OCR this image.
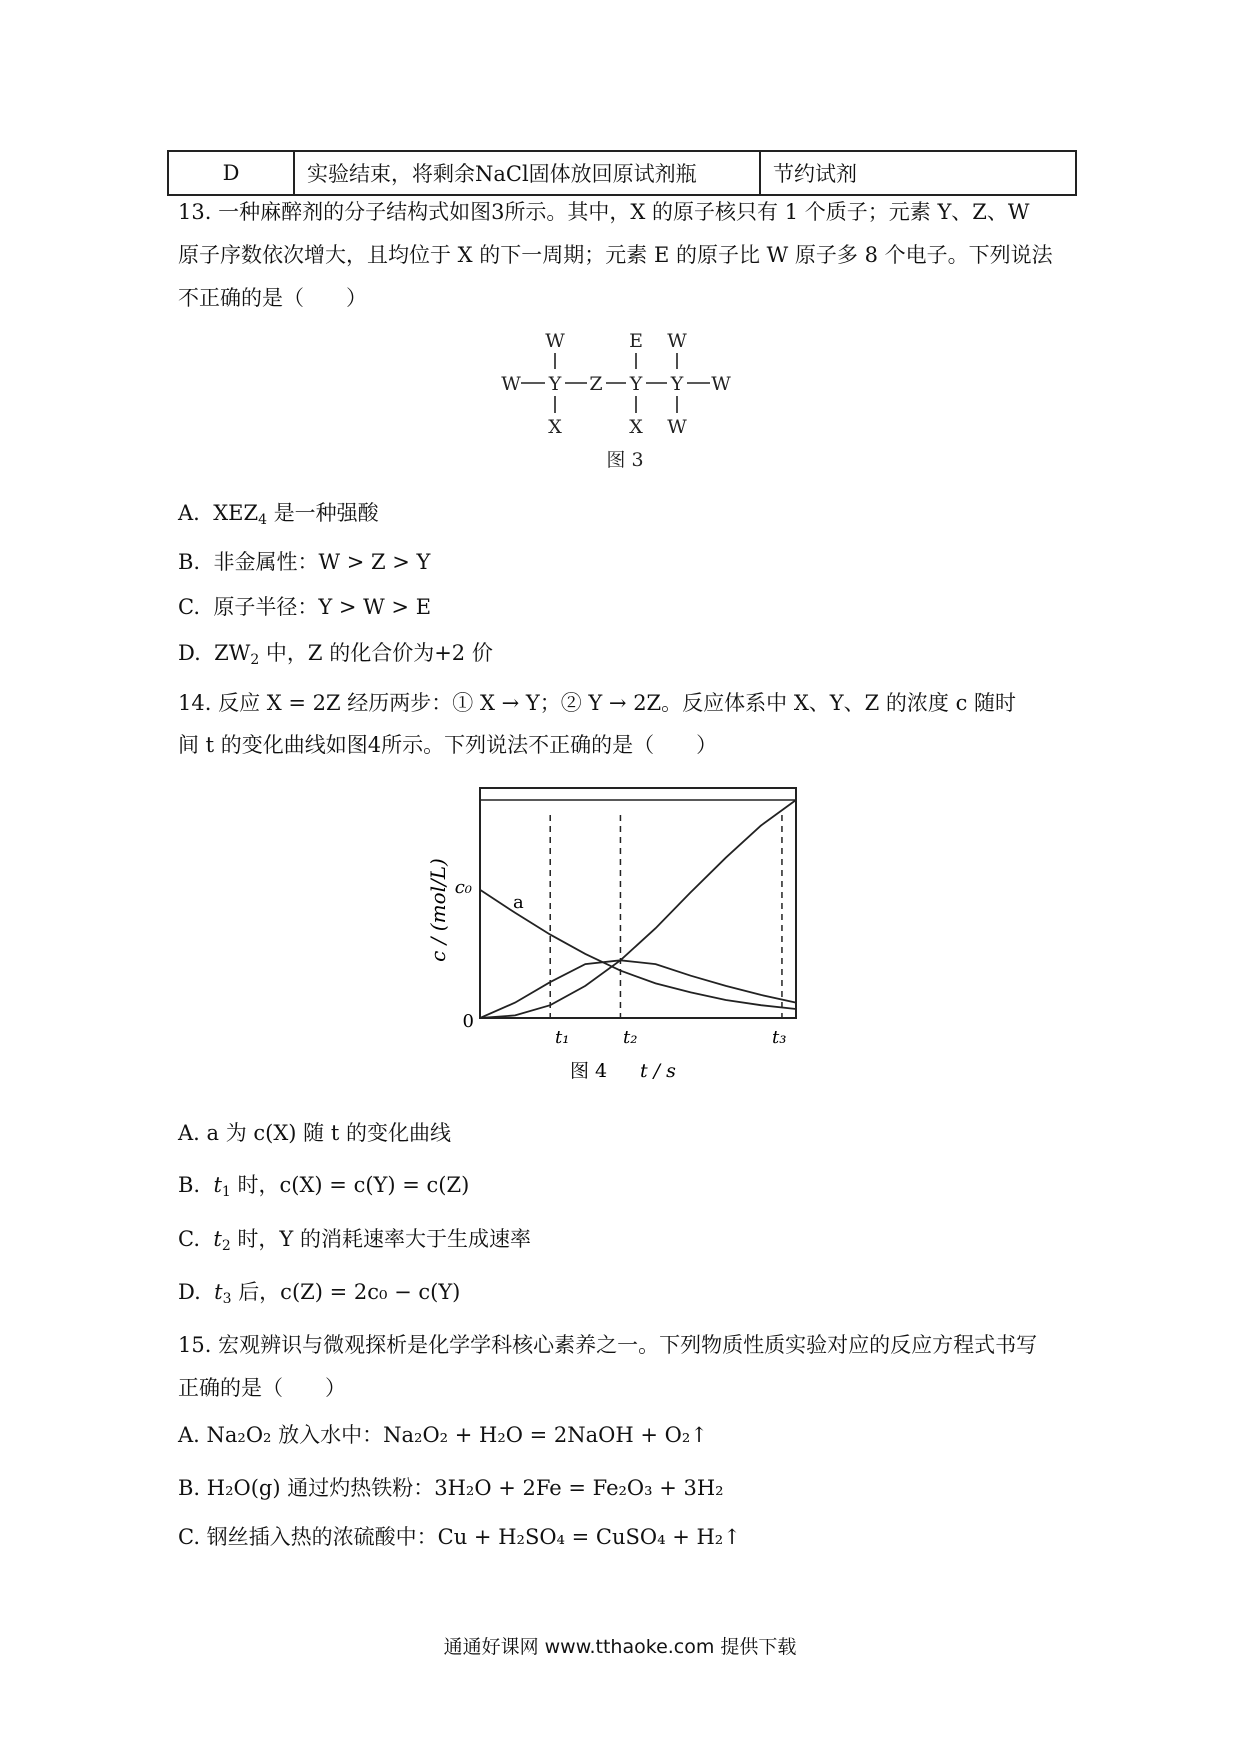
D	实验结束，将剩余NaCl固体放回原试剂瓶	节约试剂
13. 一种麻醉剂的分子结构式如图3所示。其中，X 的原子核只有 1 个质子；元素 Y、Z、W
原子序数依次增大，且均位于 X 的下一周期；元素 E 的原子比 W 原子多 8 个电子。下列说法
不正确的是（　　）
W
W Y Z Y Y W
X	X
E W
W
图 3
A. $XEZ_4$ 是一种强酸
B. 非金属性：W > Z > Y
C. 原子半径：Y > W > E
D. $ZW_2$ 中，Z 的化合价为+2 价
14. 反应 X = 2Z 经历两步：① X → Y；② Y → 2Z。反应体系中 X、Y、Z 的浓度 c 随时
间 t 的变化曲线如图4所示。下列说法不正确的是（　　）
c / (mol/L) c₀
0
a
t₁	t₂	t₃
t / s
图 4
A. a 为 c(X) 随 t 的变化曲线
B. $t_1$ 时，c(X) = c(Y) = c(Z)
C. $t_2$ 时，Y 的消耗速率大于生成速率
D. $t_3$ 后，c(Z) = 2c₀ − c(Y)
15. 宏观辨识与微观探析是化学学科核心素养之一。下列物质性质实验对应的反应方程式书写
正确的是（　　）
A. Na₂O₂ 放入水中：Na₂O₂ + H₂O = 2NaOH + O₂↑
B. H₂O(g) 通过灼热铁粉：3H₂O + 2Fe = Fe₂O₃ + 3H₂
C. 钢丝插入热的浓硫酸中：Cu + H₂SO₄ = CuSO₄ + H₂↑
通通好课网 www.tthaoke.com 提供下载
